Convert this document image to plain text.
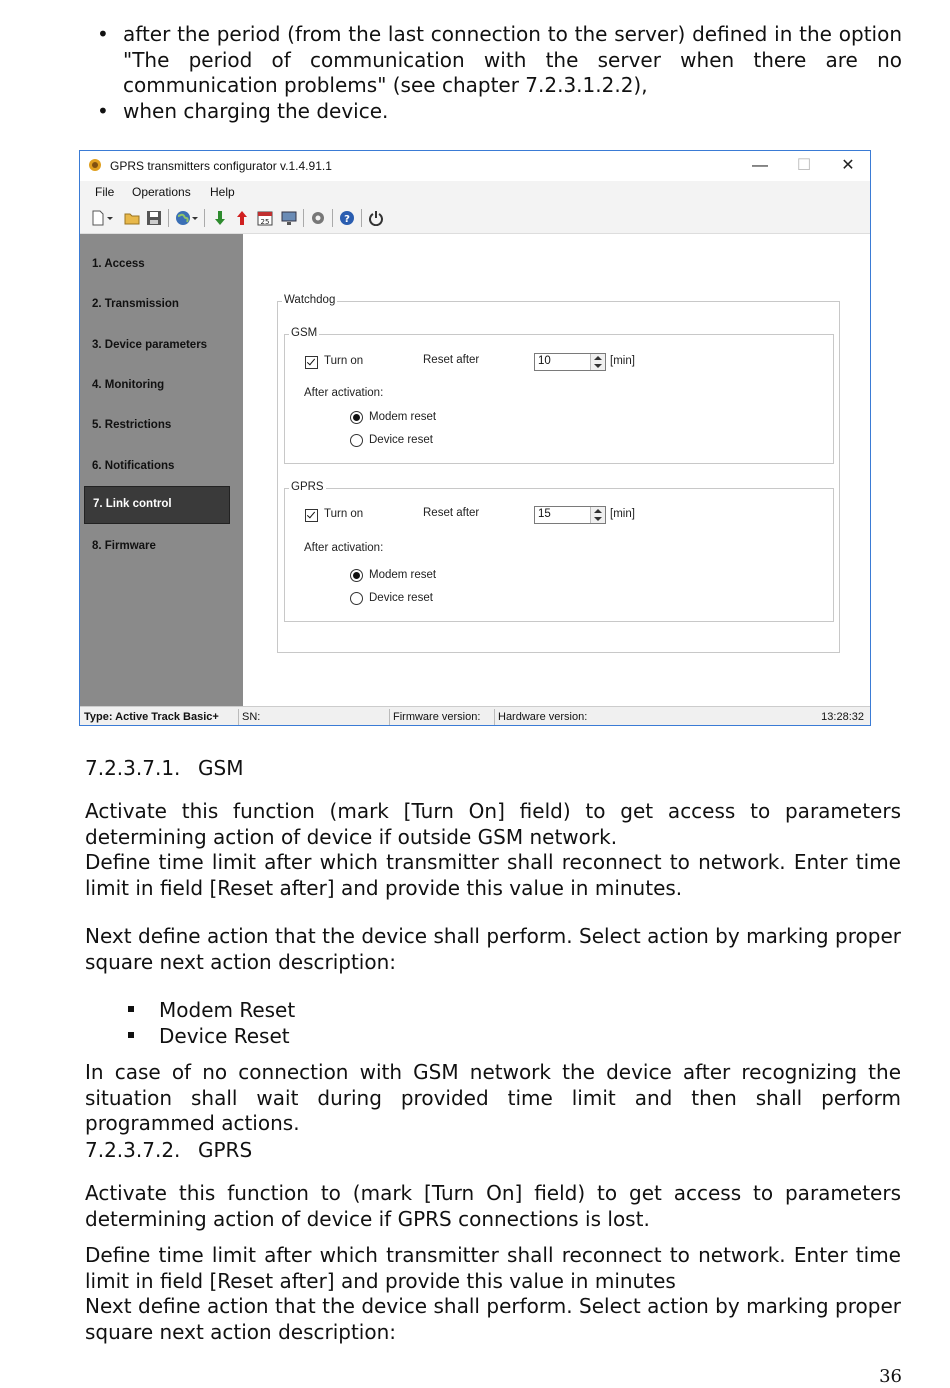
• after the period (from the last connection to the server) defined in the option "The period of communication with the server when there are no communication problems" (see chapter 7.2.3.1.2.2),
• when charging the device.
GPRS transmitters configurator v.1.4.91.1	—	☐	✕
File Operations Help
25	?
1. Access
2. Transmission
3. Device parameters
4. Monitoring
5. Restrictions
6. Notifications
7. Link control
8. Firmware
Watchdog
GSM
Turn on	Reset after	10	[min]
After activation:
Modem reset
Device reset
GPRS
Turn on	Reset after	15	[min]
After activation:
Modem reset
Device reset
Type: Active Track Basic+ SN:	Firmware version: Hardware version:	13:28:32
7.2.3.7.1. GSM

Activate this function (mark [Turn On] field) to get access to parameters determining action of device if outside GSM network.

Define time limit after which transmitter shall reconnect to network. Enter time limit in field [Reset after] and provide this value in minutes.

Next define action that the device shall perform. Select action by marking proper square next action description:

Modem Reset
Device Reset

In case of no connection with GSM network the device after recognizing the situation shall wait during provided time limit and then shall perform programmed actions.

7.2.3.7.2. GPRS

Activate this function to (mark [Turn On] field) to get access to parameters determining action of device if GPRS connections is lost.

Define time limit after which transmitter shall reconnect to network. Enter time limit in field [Reset after] and provide this value in minutes

Next define action that the device shall perform. Select action by marking proper square next action description:

36
